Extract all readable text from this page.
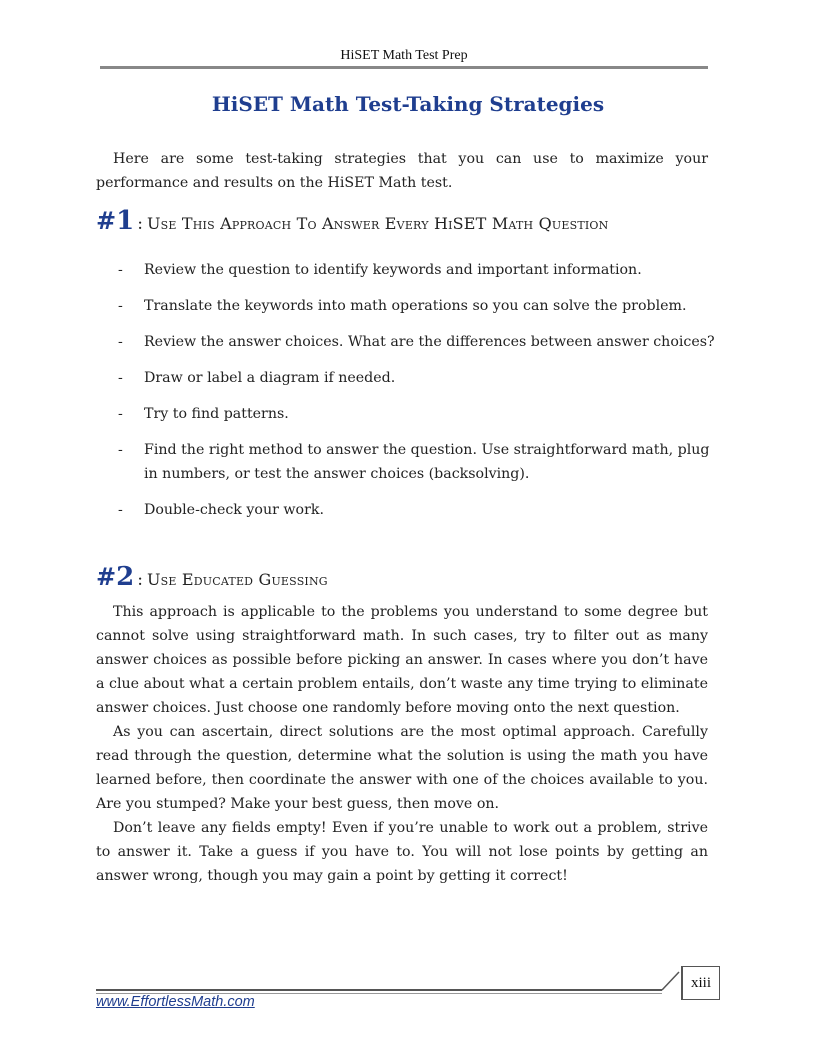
HiSET Math Test Prep
HiSET Math Test-Taking Strategies
Here are some test-taking strategies that you can use to maximize your performance and results on the HiSET Math test.
#1 : Use This Approach To Answer Every HiSET Math Question
- Review the question to identify keywords and important information.
- Translate the keywords into math operations so you can solve the problem.
- Review the answer choices. What are the differences between answer choices?
- Draw or label a diagram if needed.
- Try to find patterns.
- Find the right method to answer the question. Use straightforward math, plug in numbers, or test the answer choices (backsolving).
- Double-check your work.
#2 : Use Educated Guessing
This approach is applicable to the problems you understand to some degree but cannot solve using straightforward math. In such cases, try to filter out as many answer choices as possible before picking an answer. In cases where you don’t have a clue about what a certain problem entails, don’t waste any time trying to eliminate answer choices. Just choose one randomly before moving onto the next question.
As you can ascertain, direct solutions are the most optimal approach. Carefully read through the question, determine what the solution is using the math you have learned before, then coordinate the answer with one of the choices available to you. Are you stumped? Make your best guess, then move on.
Don’t leave any fields empty! Even if you’re unable to work out a problem, strive to answer it. Take a guess if you have to. You will not lose points by getting an answer wrong, though you may gain a point by getting it correct!
xiii
www.EffortlessMath.com
